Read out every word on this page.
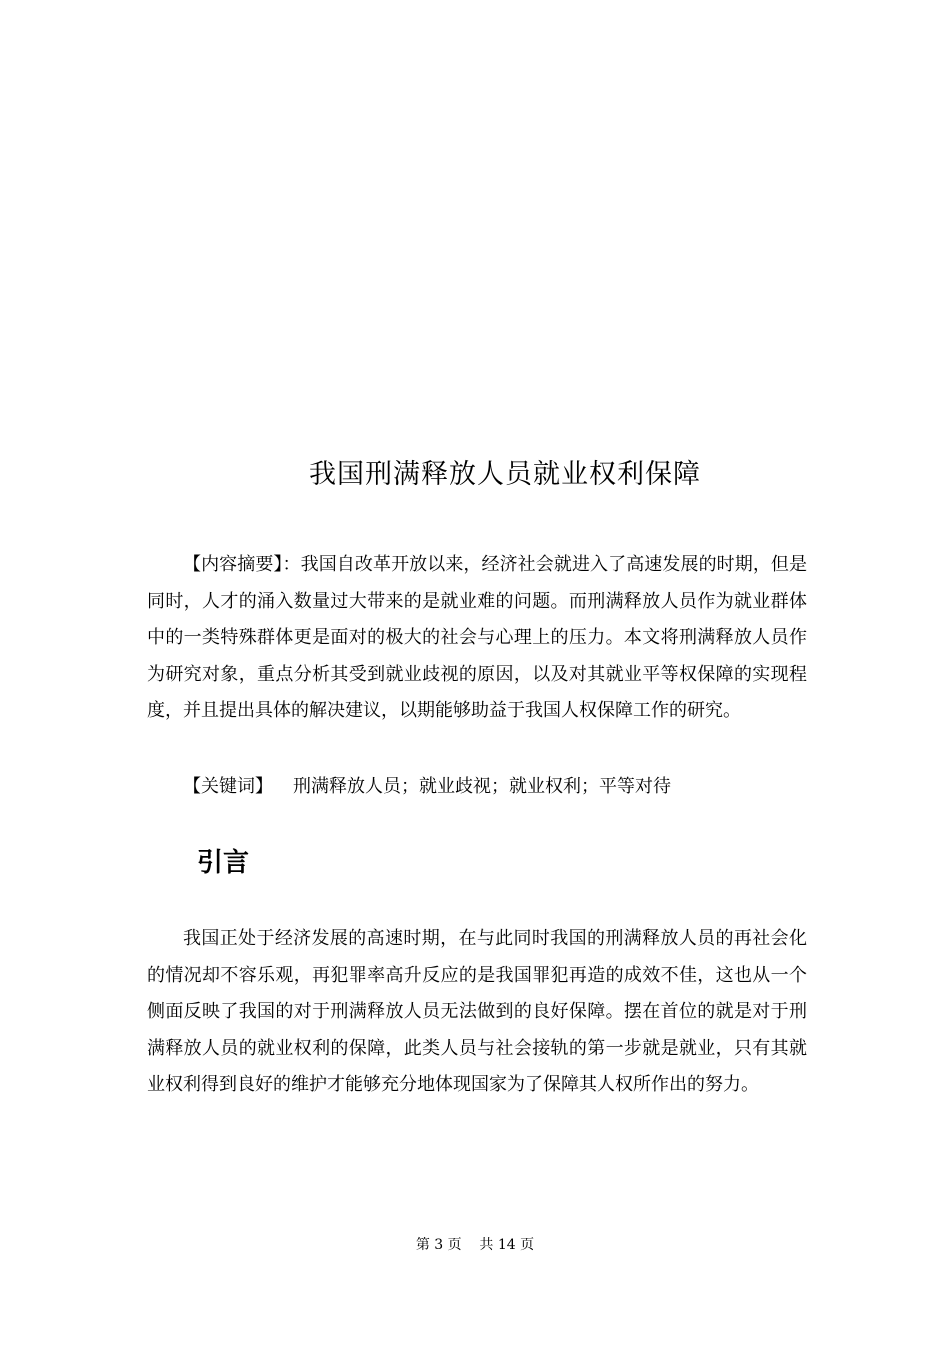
我国刑满释放人员就业权利保障

【内容摘要】：我国自改革开放以来，经济社会就进入了高速发展的时期，但是同时，人才的涌入数量过大带来的是就业难的问题。而刑满释放人员作为就业群体中的一类特殊群体更是面对的极大的社会与心理上的压力。本文将刑满释放人员作为研究对象，重点分析其受到就业歧视的原因，以及对其就业平等权保障的实现程度，并且提出具体的解决建议，以期能够助益于我国人权保障工作的研究。

【关键词】 刑满释放人员；就业歧视；就业权利；平等对待

引言

我国正处于经济发展的高速时期，在与此同时我国的刑满释放人员的再社会化的情况却不容乐观，再犯罪率高升反应的是我国罪犯再造的成效不佳，这也从一个侧面反映了我国的对于刑满释放人员无法做到的良好保障。摆在首位的就是对于刑满释放人员的就业权利的保障，此类人员与社会接轨的第一步就是就业，只有其就业权利得到良好的维护才能够充分地体现国家为了保障其人权所作出的努力。

第 3 页    共 14 页
